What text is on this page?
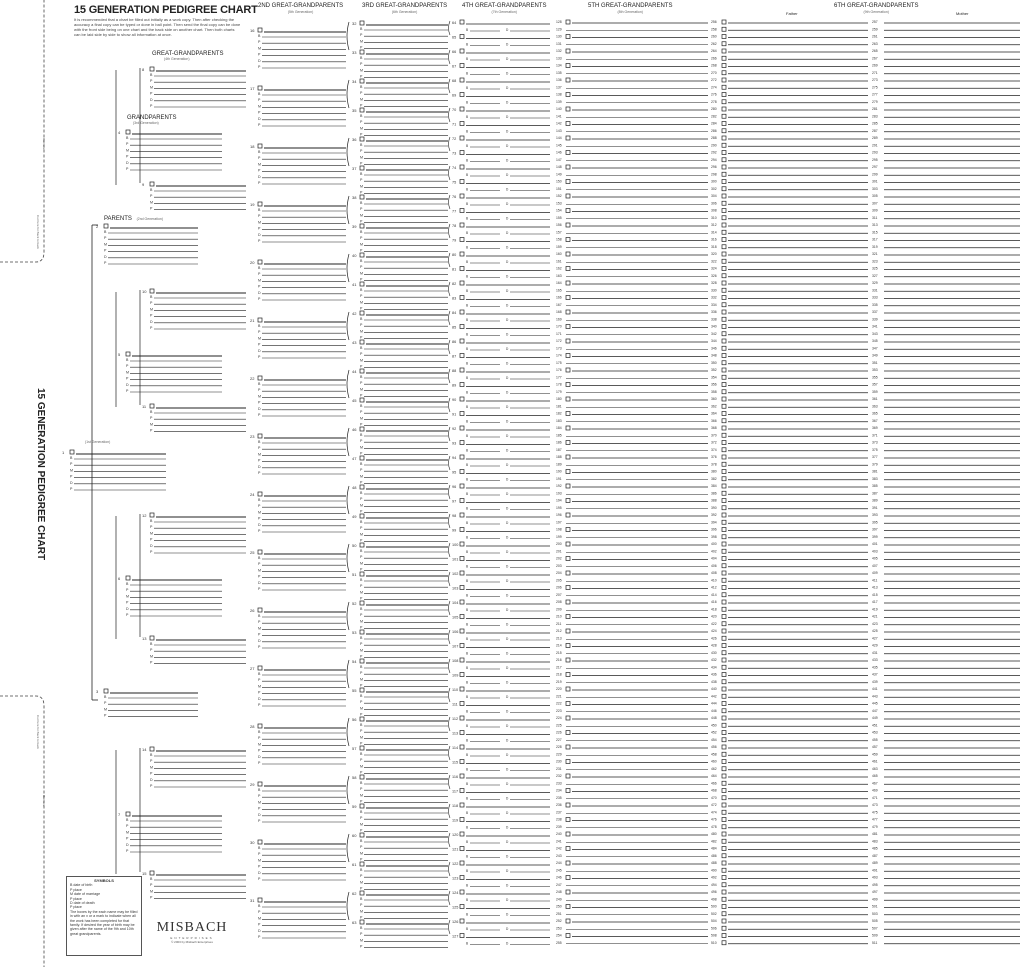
15 GENERATION PEDIGREE CHART
It is recommended that a chart be filled out initially as a work copy. Then after checking the accuracy a final copy can be typed or done in ball point. Then send the final copy can be done with the front side being on one chart and the back side on another chart. Then both charts can be laid side by side to show all information at once.
15 GENERATION PEDIGREE CHART
2ND GREAT-GRANDPARENTS
(5th Generation)
3RD GREAT-GRANDPARENTS
(6th Generation)
4TH GREAT-GRANDPARENTS
(7th Generation)
5TH GREAT-GRANDPARENTS
(8th Generation)
6TH GREAT-GRANDPARENTS
(9th Generation)
Father	Mother
GREAT-GRANDPARENTS
(4th Generation)
GRANDPARENTS
(3rd Generation)
PARENTS (2nd Generation)
(1st Generation)
SYMBOLS
B date of birth
P place
M date of marriage
P place
D date of death
P place
The boxes by the each name may be filled in with an x or a mark to indicate when all the work has been completed for that family. If desired the year of birth may be given after the name of the 9th and 10th great grandparents.	MISBACH
ENTERPRISES
© 2003 by Misbach Enterprises
Cut here
Cut here for Back to back
Cut here for Back to back
Cut here
1
B
P
M
P
D
P
2
B
P
M
P
D
P
3
B
P
M
P
4
B
P
M
P
D
P
5
B
P
M
P
D
P
6
B
P
M
P
D
P
7
B
P
M
P
D
P
8
B
P
M
P
D
P
9
B
P
M
P
10
B
P
M
P
D
P
11
B
P
M
P
12
B
P
M
P
D
P
13
B
P
M
P
14
B
P
M
P
D
P
15
B
P
M
P
16
B
P
M
P
D
P
17
B
P
M
P
D
P
18
B
P
M
P
D
P
19
B
P
M
P
D
P
20
B
P
M
P
D
P
21
B
P
M
P
D
P
22
B
P
M
P
D
P
23
B
P
M
P
D
P
24
B
P
M
P
D
P
25
B
P
M
P
D
P
26
B
P
M
P
D
P
27
B
P
M
P
D
P
28
B
P
M
P
D
P
29
B
P
M
P
D
P
30
B
P
M
P
D
P
31
B
P
M
P
D
P
32
B
P
M
P
33
B
P
M
P
34
B
P
M
P
35
B
P
M
P
36
B
P
M
P
37
B
P
M
P
38
B
P
M
P
39
B
P
M
P
40
B
P
M
P
41
B
P
M
P
42
B
P
M
P
43
B
P
M
P
44
B
P
M
P
45
B
P
M
P
46
B
P
M
P
47
B
P
M
P
48
B
P
M
P
49
B
P
M
P
50
B
P
M
P
51
B
P
M
P
52
B
P
M
P
53
B
P
M
P
54
B
P
M
P
55
B
P
M
P
56
B
P
M
P
57
B
P
M
P
58
B
P
M
P
59
B
P
M
P
60
B
P
M
P
61
B
P
M
P
62
B
P
M
P
63
B
P
M
P
64
B	D
65
B	D
66
B	D
67
B	D
68
B	D
69
B	D
70
B	D
71
B	D
72
B	D
73
B	D
74
B	D
75
B	D
76
B	D
77
B	D
78
B	D
79
B	D
80
B	D
81
B	D
82
B	D
83
B	D
84
B	D
85
B	D
86
B	D
87
B	D
88
B	D
89
B	D
90
B	D
91
B	D
92
B	D
93
B	D
94
B	D
95
B	D
96
B	D
97
B	D
98
B	D
99
B	D
100
B	D
101
B	D
102
B	D
103
B	D
104
B	D
105
B	D
106
B	D
107
B	D
108
B	D
109
B	D
110
B	D
111
B	D
112
B	D
113
B	D
114
B	D
115
B	D
116
B	D
117
B	D
118
B	D
119
B	D
120
B	D
121
B	D
122
B	D
123
B	D
124
B	D
125
B	D
126
B	D
127
B	D
128
129
130
131
132
133
134
135
136
137
138
139
140
141
142
143
144
145
146
147
148
149
150
151
152
153
154
155
156
157
158
159
160
161
162
163
164
165
166
167
168
169
170
171
172
173
174
175
176
177
178
179
180
181
182
183
184
185
186
187
188
189
190
191
192
193
194
195
196
197
198
199
200
201
202
203
204
205
206
207
208
209
210
211
212
213
214
215
216
217
218
219
220
221
222
223
224
225
226
227
228
229
230
231
232
233
234
235
236
237
238
239
240
241
242
243
244
245
246
247
248
249
250
251
252
253
254
255
256	257
258	259
260	261
262	263
264	265
266	267
268	269
270	271
272	273
274	275
276	277
278	279
280	281
282	283
284	285
286	287
288	289
290	291
292	293
294	295
296	297
298	299
300	301
302	303
304	305
306	307
308	309
310	311
312	313
314	315
316	317
318	319
320	321
322	323
324	325
326	327
328	329
330	331
332	333
334	335
336	337
338	339
340	341
342	343
344	345
346	347
348	349
350	351
352	353
354	355
356	357
358	359
360	361
362	363
364	365
366	367
368	369
370	371
372	373
374	375
376	377
378	379
380	381
382	383
384	385
386	387
388	389
390	391
392	393
394	395
396	397
398	399
400	401
402	403
404	405
406	407
408	409
410	411
412	413
414	415
416	417
418	419
420	421
422	423
424	425
426	427
428	429
430	431
432	433
434	435
436	437
438	439
440	441
442	443
444	445
446	447
448	449
450	451
452	453
454	455
456	457
458	459
460	461
462	463
464	465
466	467
468	469
470	471
472	473
474	475
476	477
478	479
480	481
482	483
484	485
486	487
488	489
490	491
492	493
494	495
496	497
498	499
500	501
502	503
504	505
506	507
508	509
510	511
